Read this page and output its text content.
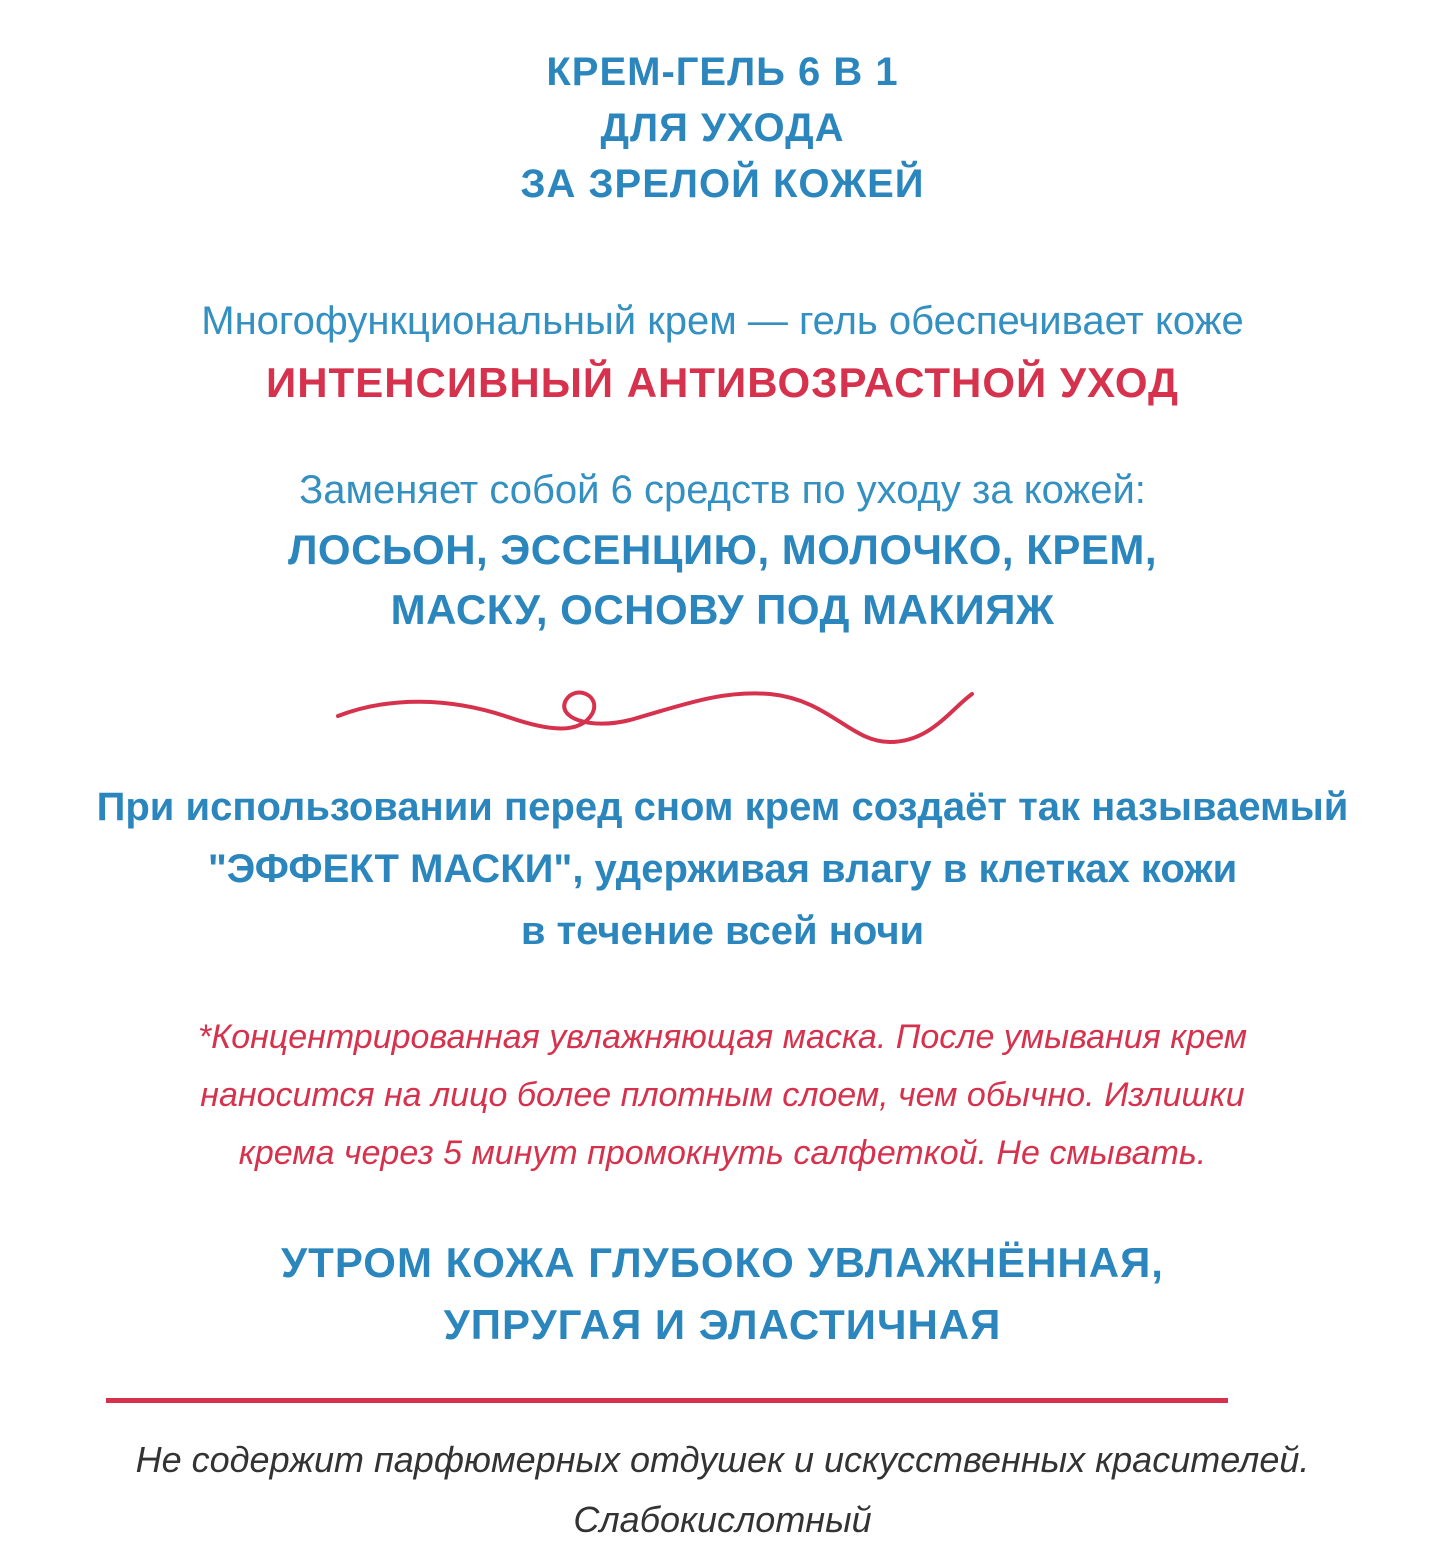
КРЕМ-ГЕЛЬ 6 В 1
ДЛЯ УХОДА
ЗА ЗРЕЛОЙ КОЖЕЙ
Многофункциональный крем — гель обеспечивает коже
ИНТЕНСИВНЫЙ АНТИВОЗРАСТНОЙ УХОД
Заменяет собой 6 средств по уходу за кожей:
ЛОСЬОН, ЭССЕНЦИЮ, МОЛОЧКО, КРЕМ,
МАСКУ, ОСНОВУ ПОД МАКИЯЖ
При использовании перед сном крем создаёт так называемый
"ЭФФЕКТ МАСКИ", удерживая влагу в клетках кожи
в течение всей ночи
*Концентрированная увлажняющая маска. После умывания крем
наносится на лицо более плотным слоем, чем обычно. Излишки
крема через 5 минут промокнуть салфеткой. Не смывать.
УТРОМ КОЖА ГЛУБОКО УВЛАЖНЁННАЯ,
УПРУГАЯ И ЭЛАСТИЧНАЯ
Не содержит парфюмерных отдушек и искусственных красителей.
Слабокислотный
